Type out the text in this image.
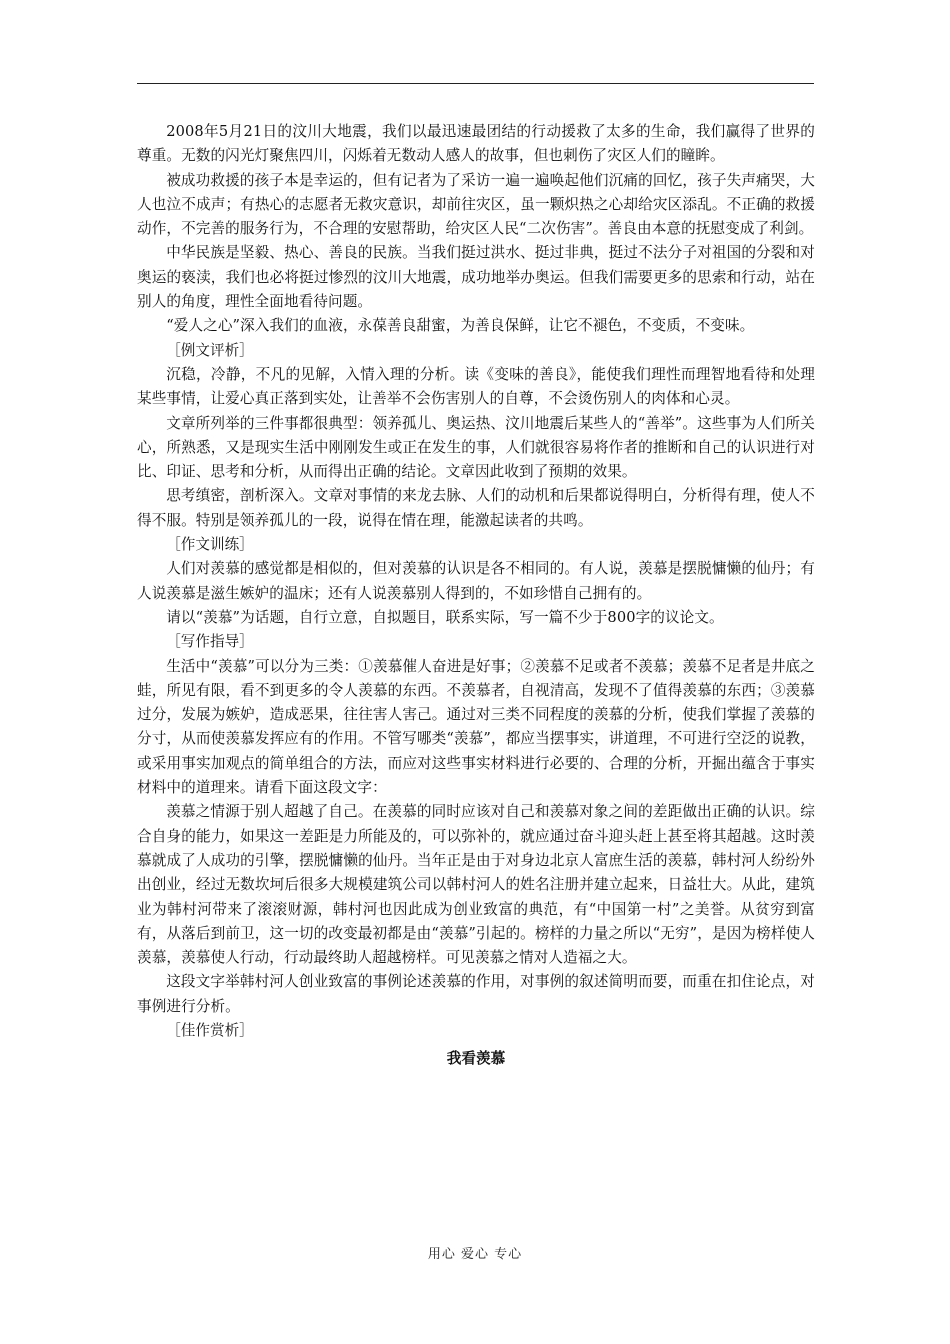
2008年5月21日的汶川大地震，我们以最迅速最团结的行动援救了太多的生命，我们赢得了世界的尊重。无数的闪光灯聚焦四川，闪烁着无数动人感人的故事，但也刺伤了灾区人们的瞳眸。

被成功救援的孩子本是幸运的，但有记者为了采访一遍一遍唤起他们沉痛的回忆，孩子失声痛哭，大人也泣不成声；有热心的志愿者无救灾意识，却前往灾区，虽一颗炽热之心却给灾区添乱。不正确的救援动作，不完善的服务行为，不合理的安慰帮助，给灾区人民“二次伤害”。善良由本意的抚慰变成了利剑。

中华民族是坚毅、热心、善良的民族。当我们挺过洪水、挺过非典，挺过不法分子对祖国的分裂和对奥运的亵渎，我们也必将挺过惨烈的汶川大地震，成功地举办奥运。但我们需要更多的思索和行动，站在别人的角度，理性全面地看待问题。

“爱人之心”深入我们的血液，永葆善良甜蜜，为善良保鲜，让它不褪色，不变质，不变味。

［例文评析］

沉稳，冷静，不凡的见解，入情入理的分析。读《变味的善良》，能使我们理性而理智地看待和处理某些事情，让爱心真正落到实处，让善举不会伤害别人的自尊，不会烫伤别人的肉体和心灵。

文章所列举的三件事都很典型：领养孤儿、奥运热、汶川地震后某些人的“善举”。这些事为人们所关心，所熟悉，又是现实生活中刚刚发生或正在发生的事，人们就很容易将作者的推断和自己的认识进行对比、印证、思考和分析，从而得出正确的结论。文章因此收到了预期的效果。

思考缜密，剖析深入。文章对事情的来龙去脉、人们的动机和后果都说得明白，分析得有理，使人不得不服。特别是领养孤儿的一段，说得在情在理，能激起读者的共鸣。

［作文训练］

人们对羡慕的感觉都是相似的，但对羡慕的认识是各不相同的。有人说，羡慕是摆脱慵懒的仙丹；有人说羡慕是滋生嫉妒的温床；还有人说羡慕别人得到的，不如珍惜自己拥有的。

请以“羡慕”为话题，自行立意，自拟题目，联系实际，写一篇不少于800字的议论文。

［写作指导］

生活中“羡慕”可以分为三类：①羡慕催人奋进是好事；②羡慕不足或者不羡慕；羡慕不足者是井底之蛙，所见有限，看不到更多的令人羡慕的东西。不羡慕者，自视清高，发现不了值得羡慕的东西；③羡慕过分，发展为嫉妒，造成恶果，往往害人害己。通过对三类不同程度的羡慕的分析，使我们掌握了羡慕的分寸，从而使羡慕发挥应有的作用。不管写哪类“羡慕”，都应当摆事实，讲道理，不可进行空泛的说教，或采用事实加观点的简单组合的方法，而应对这些事实材料进行必要的、合理的分析，开掘出蕴含于事实材料中的道理来。请看下面这段文字：

羡慕之情源于别人超越了自己。在羡慕的同时应该对自己和羡慕对象之间的差距做出正确的认识。综合自身的能力，如果这一差距是力所能及的，可以弥补的，就应通过奋斗迎头赶上甚至将其超越。这时羡慕就成了人成功的引擎，摆脱慵懒的仙丹。当年正是由于对身边北京人富庶生活的羡慕，韩村河人纷纷外出创业，经过无数坎坷后很多大规模建筑公司以韩村河人的姓名注册并建立起来，日益壮大。从此，建筑业为韩村河带来了滚滚财源，韩村河也因此成为创业致富的典范，有“中国第一村”之美誉。从贫穷到富有，从落后到前卫，这一切的改变最初都是由“羡慕”引起的。榜样的力量之所以“无穷”，是因为榜样使人羡慕，羡慕使人行动，行动最终助人超越榜样。可见羡慕之情对人造福之大。

这段文字举韩村河人创业致富的事例论述羡慕的作用，对事例的叙述简明而要，而重在扣住论点，对事例进行分析。

［佳作赏析］

我看羡慕

用心 爱心 专心
